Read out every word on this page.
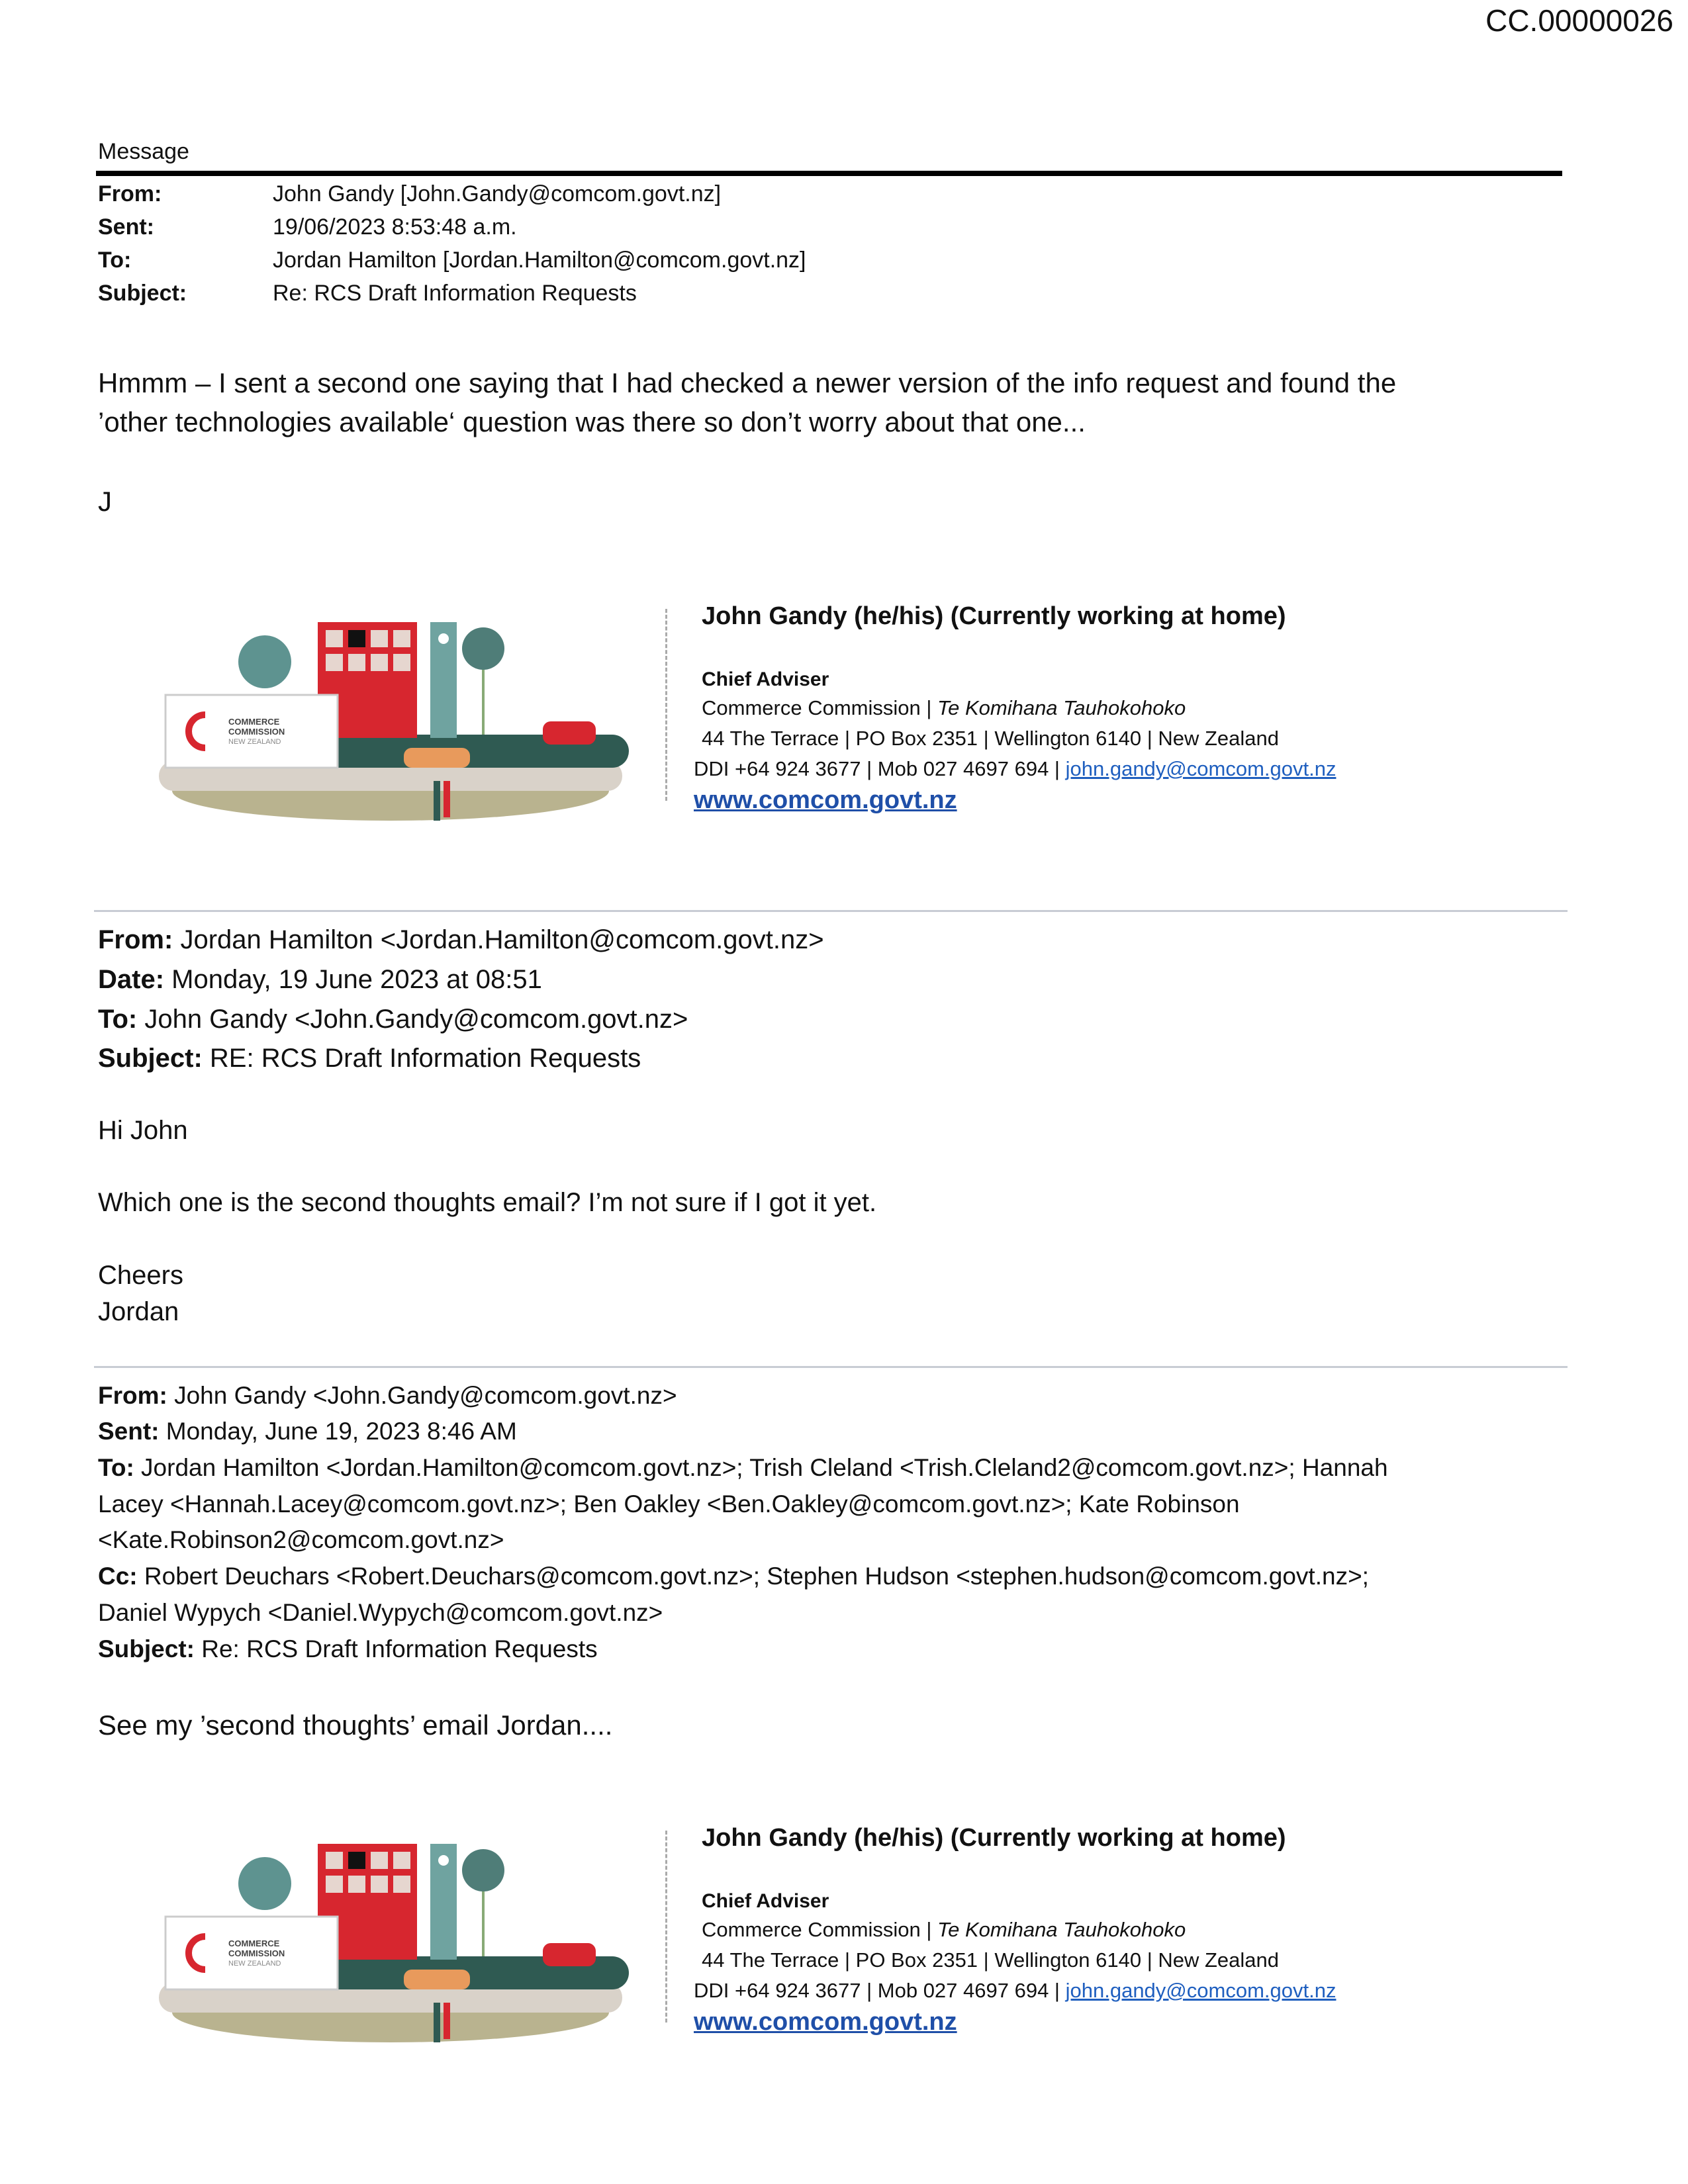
CC.00000026
Message
From:	John Gandy [John.Gandy@comcom.govt.nz]
Sent:	19/06/2023 8:53:48 a.m.
To:	Jordan Hamilton [Jordan.Hamilton@comcom.govt.nz]
Subject:	Re: RCS Draft Information Requests
Hmmm – I sent a second one saying that I had checked a newer version of the info request and found the
’other technologies available‘ question was there so don’t worry about that one...
J
COMMERCE
COMMISSION
NEW ZEALAND
John Gandy (he/his) (Currently working at home)
Chief Adviser
Commerce Commission | Te Komihana Tauhokohoko
44 The Terrace | PO Box 2351 | Wellington 6140 | New Zealand
DDI +64 924 3677 | Mob 027 4697 694 | john.gandy@comcom.govt.nz
www.comcom.govt.nz
From: Jordan Hamilton <Jordan.Hamilton@comcom.govt.nz>
Date: Monday, 19 June 2023 at 08:51
To: John Gandy <John.Gandy@comcom.govt.nz>
Subject: RE: RCS Draft Information Requests
Hi John
Which one is the second thoughts email? I’m not sure if I got it yet.
Cheers
Jordan
From: John Gandy <John.Gandy@comcom.govt.nz>
Sent: Monday, June 19, 2023 8:46 AM
To: Jordan Hamilton <Jordan.Hamilton@comcom.govt.nz>; Trish Cleland <Trish.Cleland2@comcom.govt.nz>; Hannah
Lacey <Hannah.Lacey@comcom.govt.nz>; Ben Oakley <Ben.Oakley@comcom.govt.nz>; Kate Robinson
<Kate.Robinson2@comcom.govt.nz>
Cc: Robert Deuchars <Robert.Deuchars@comcom.govt.nz>; Stephen Hudson <stephen.hudson@comcom.govt.nz>;
Daniel Wypych <Daniel.Wypych@comcom.govt.nz>
Subject: Re: RCS Draft Information Requests
See my ’second thoughts’ email Jordan....
COMMERCE
COMMISSION
NEW ZEALAND
John Gandy (he/his) (Currently working at home)
Chief Adviser
Commerce Commission | Te Komihana Tauhokohoko
44 The Terrace | PO Box 2351 | Wellington 6140 | New Zealand
DDI +64 924 3677 | Mob 027 4697 694 | john.gandy@comcom.govt.nz
www.comcom.govt.nz
